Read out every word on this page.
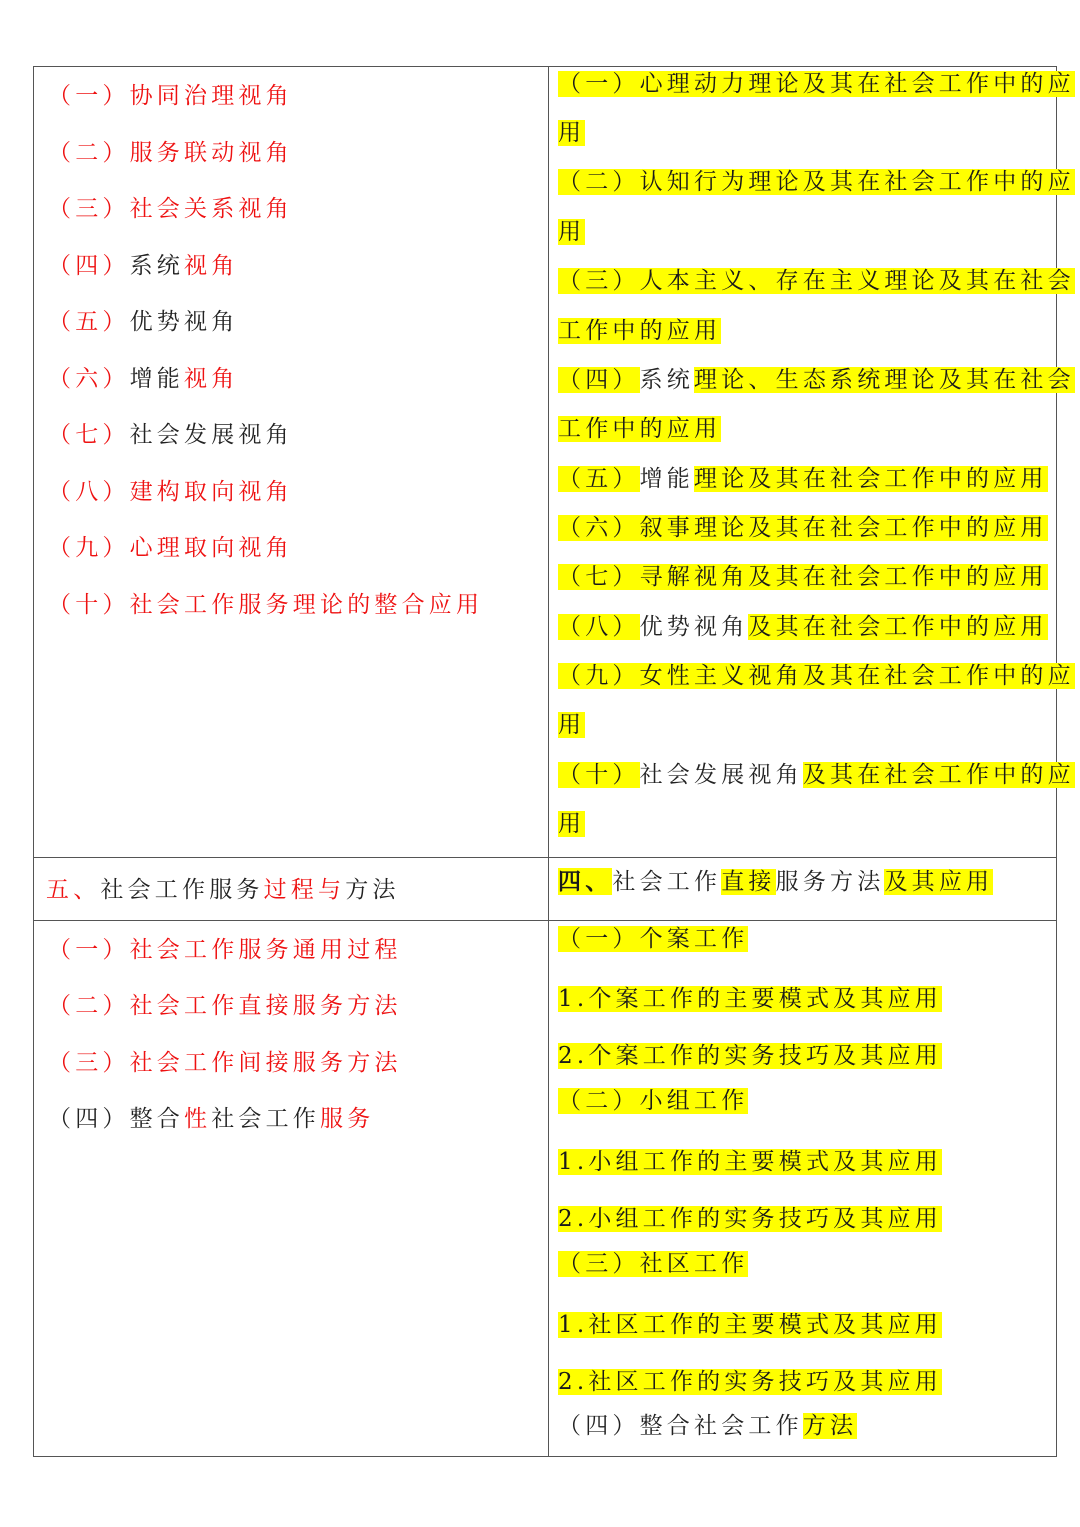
（一）协同治理视角
（二）服务联动视角
（三）社会关系视角
（四）系统视角
（五）优势视角
（六）增能视角
（七）社会发展视角
（八）建构取向视角
（九）心理取向视角
（十）社会工作服务理论的整合应用
（一）心理动力理论及其在社会工作中的应
用
（二）认知行为理论及其在社会工作中的应
用
（三）人本主义、存在主义理论及其在社会
工作中的应用
（四）系统理论、生态系统理论及其在社会
工作中的应用
（五）增能理论及其在社会工作中的应用
（六）叙事理论及其在社会工作中的应用
（七）寻解视角及其在社会工作中的应用
（八）优势视角及其在社会工作中的应用
（九）女性主义视角及其在社会工作中的应
用
（十）社会发展视角及其在社会工作中的应
用
五、社会工作服务过程与方法	四、社会工作直接服务方法及其应用
（一）社会工作服务通用过程
（二）社会工作直接服务方法
（三）社会工作间接服务方法
（四）整合性社会工作服务
（一）个案工作
1.个案工作的主要模式及其应用
2.个案工作的实务技巧及其应用
（二）小组工作
1.小组工作的主要模式及其应用
2.小组工作的实务技巧及其应用
（三）社区工作
1.社区工作的主要模式及其应用
2.社区工作的实务技巧及其应用
（四）整合社会工作方法
